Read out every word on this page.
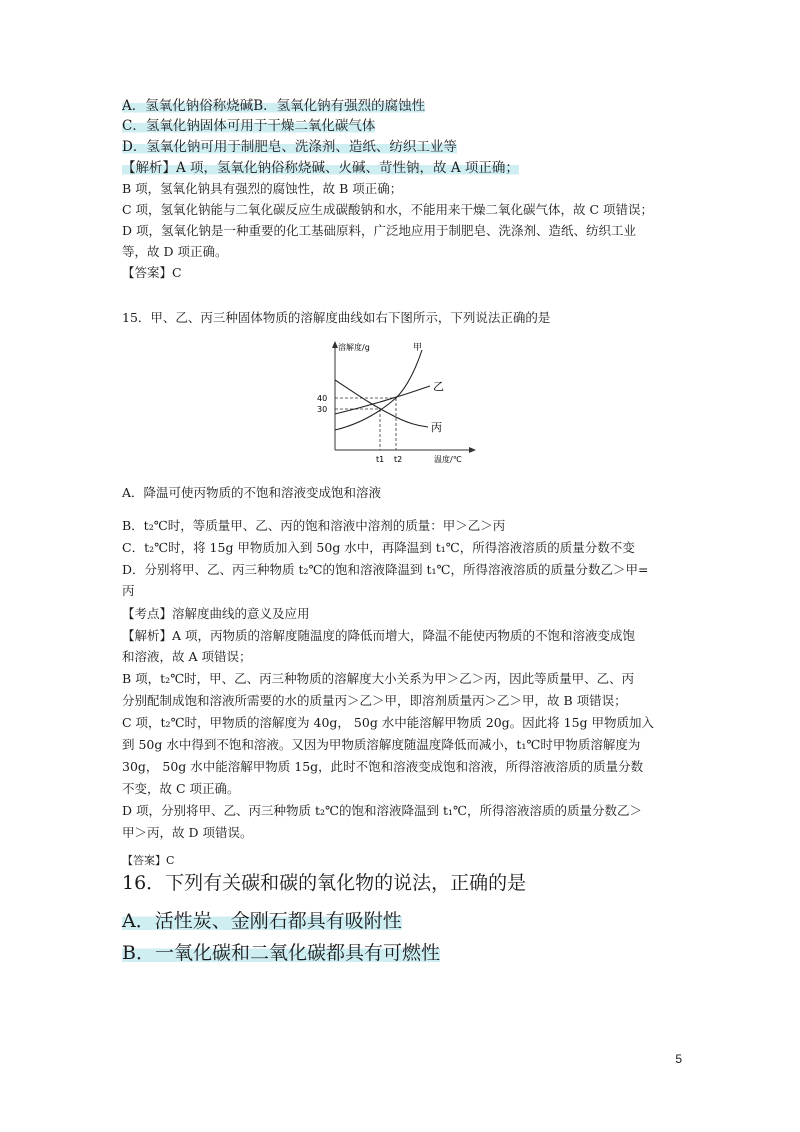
A．氢氧化钠俗称烧碱B．氢氧化钠有强烈的腐蚀性
C．氢氧化钠固体可用于干燥二氧化碳气体
D．氢氧化钠可用于制肥皂、洗涤剂、造纸、纺织工业等
【解析】A 项，氢氧化钠俗称烧碱、火碱、苛性钠，故 A 项正确；
B 项，氢氧化钠具有强烈的腐蚀性，故 B 项正确；
C 项，氢氧化钠能与二氧化碳反应生成碳酸钠和水，不能用来干燥二氧化碳气体，故 C 项错误；
D 项，氢氧化钠是一种重要的化工基础原料，广泛地应用于制肥皂、洗涤剂、造纸、纺织工业
等，故 D 项正确。
【答案】C
15．甲、乙、丙三种固体物质的溶解度曲线如右下图所示，下列说法正确的是
溶解度/g	甲
乙
丙
40
30
t1 t2	温度/℃
A．降温可使丙物质的不饱和溶液变成饱和溶液
B．t₂℃时，等质量甲、乙、丙的饱和溶液中溶剂的质量：甲＞乙＞丙
C．t₂℃时，将 15g 甲物质加入到 50g 水中，再降温到 t₁℃，所得溶液溶质的质量分数不变
D．分别将甲、乙、丙三种物质 t₂℃的饱和溶液降温到 t₁℃，所得溶液溶质的质量分数乙＞甲=
丙
【考点】溶解度曲线的意义及应用
【解析】A 项，丙物质的溶解度随温度的降低而增大，降温不能使丙物质的不饱和溶液变成饱
和溶液，故 A 项错误；
B 项，t₂℃时，甲、乙、丙三种物质的溶解度大小关系为甲＞乙＞丙，因此等质量甲、乙、丙
分别配制成饱和溶液所需要的水的质量丙＞乙＞甲，即溶剂质量丙＞乙＞甲，故 B 项错误；
C 项，t₂℃时，甲物质的溶解度为 40g， 50g 水中能溶解甲物质 20g。因此将 15g 甲物质加入
到 50g 水中得到不饱和溶液。又因为甲物质溶解度随温度降低而减小，t₁℃时甲物质溶解度为
30g， 50g 水中能溶解甲物质 15g，此时不饱和溶液变成饱和溶液，所得溶液溶质的质量分数
不变，故 C 项正确。
D 项，分别将甲、乙、丙三种物质 t₂℃的饱和溶液降温到 t₁℃，所得溶液溶质的质量分数乙＞
甲＞丙，故 D 项错误。
【答案】C
16．下列有关碳和碳的氧化物的说法，正确的是
A．活性炭、金刚石都具有吸附性
B．一氧化碳和二氧化碳都具有可燃性
5
